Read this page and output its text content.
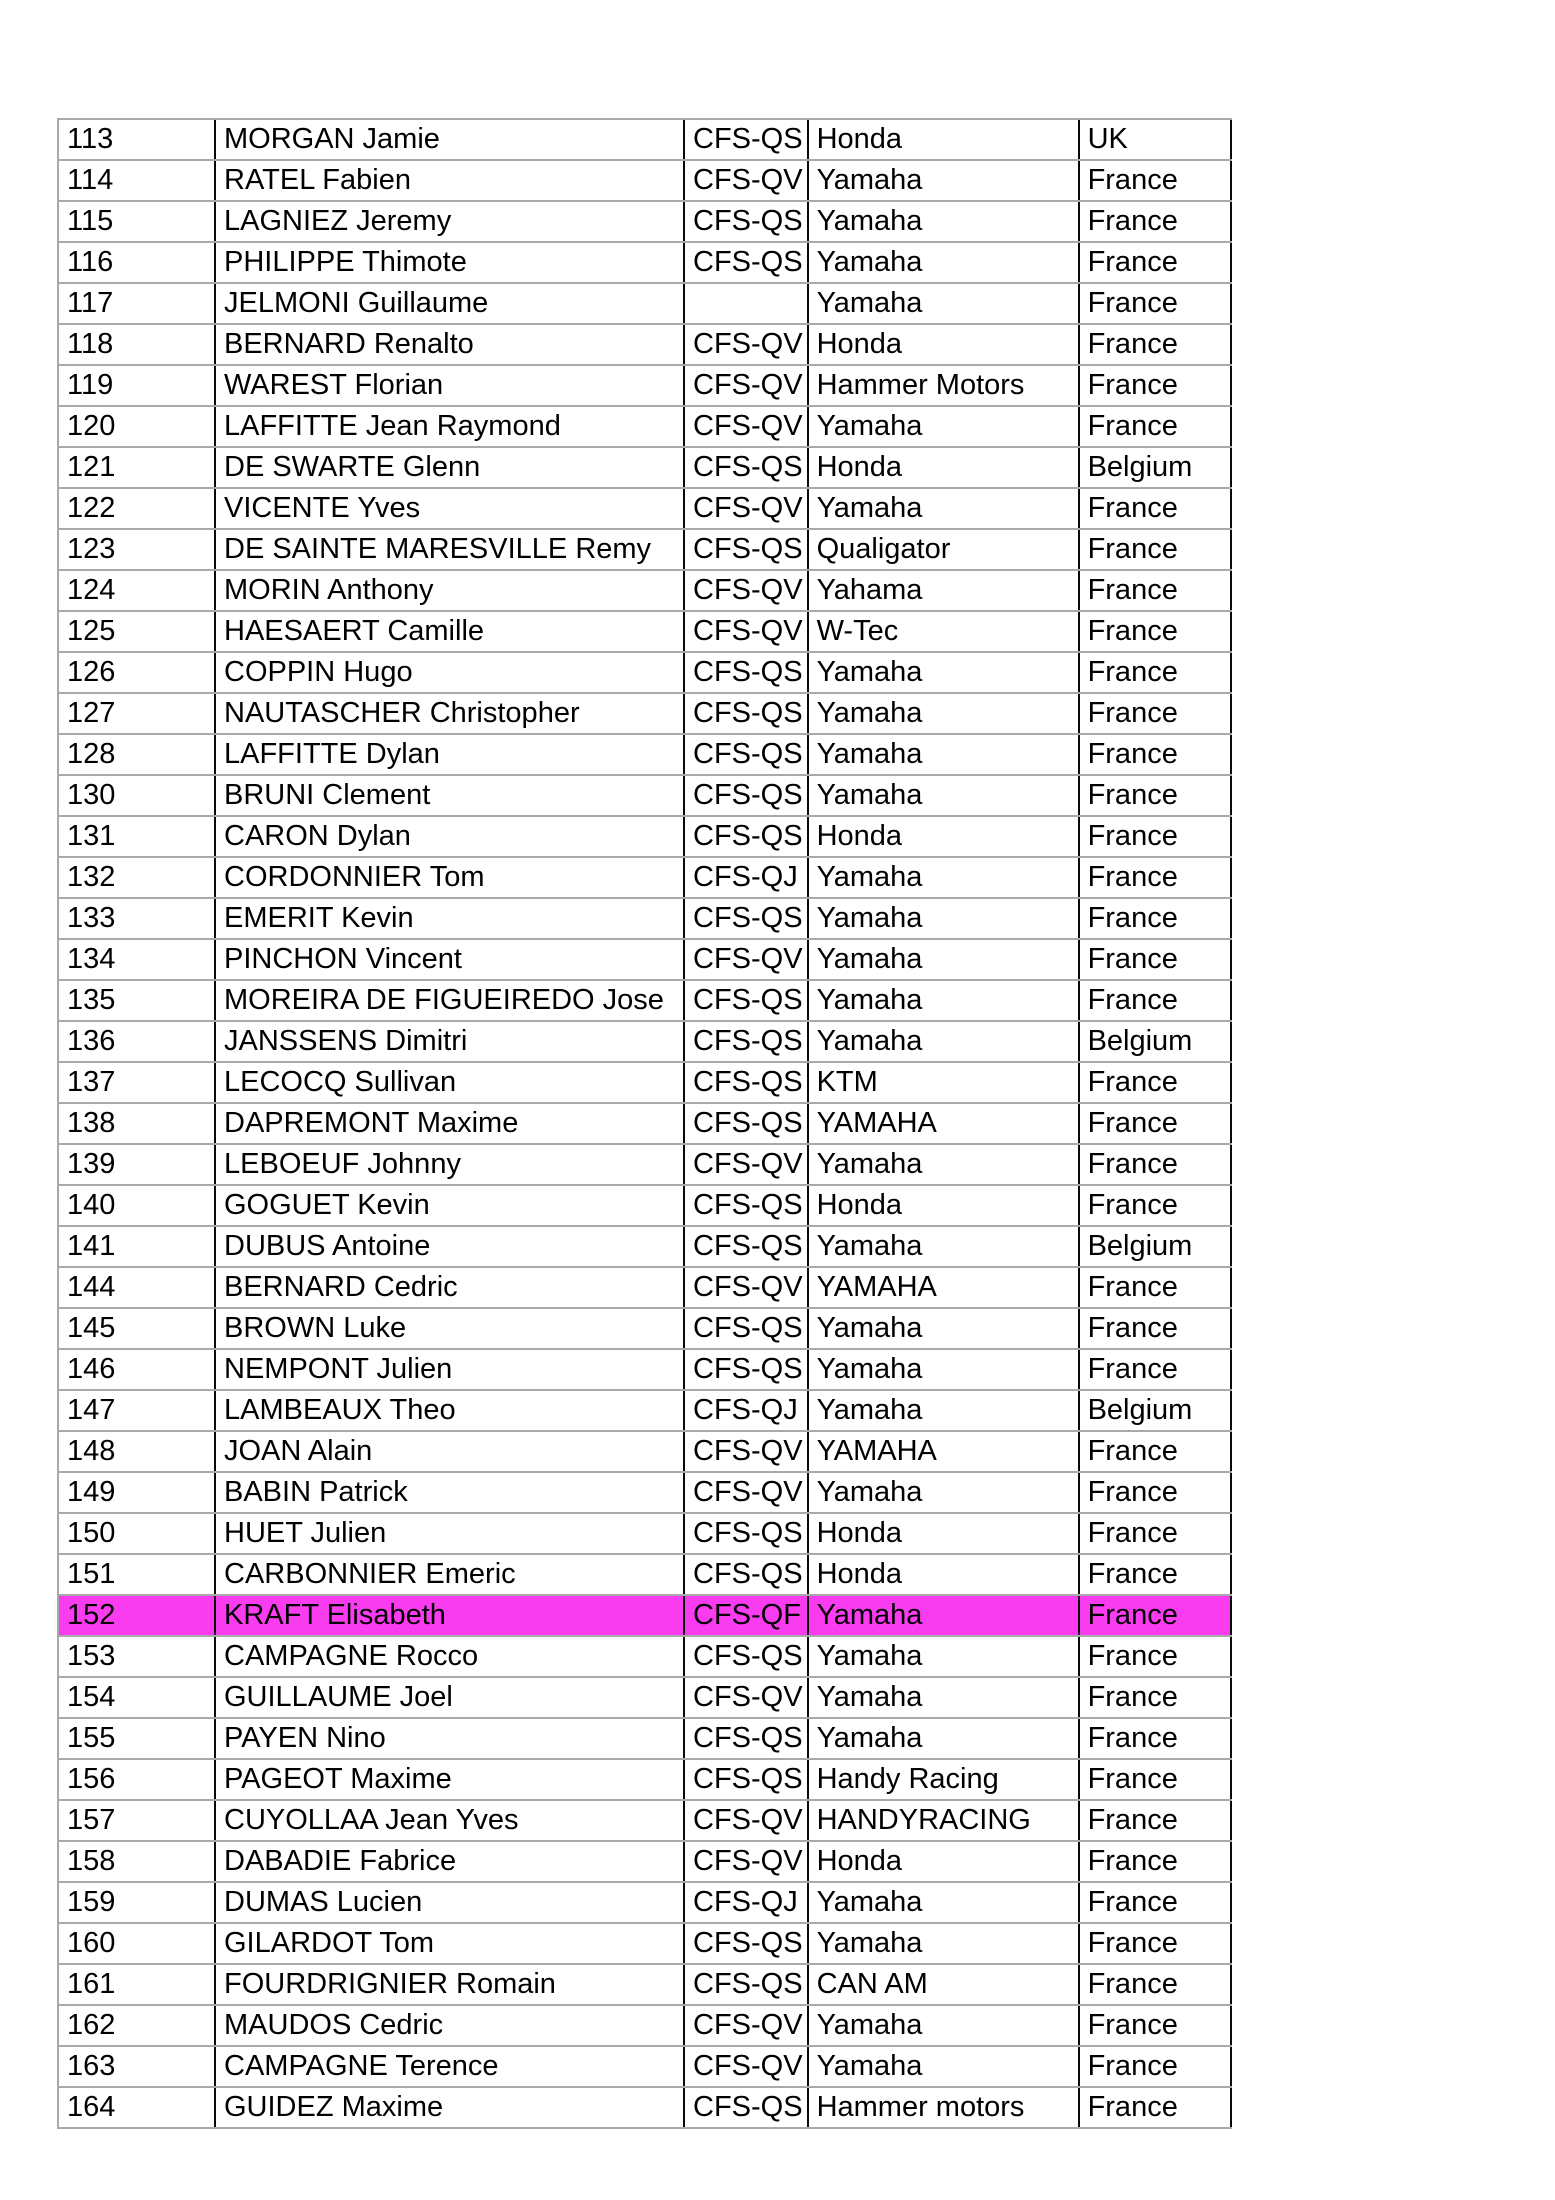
113	MORGAN Jamie	CFS-QS	Honda	UK
114	RATEL Fabien	CFS-QV	Yamaha	France
115	LAGNIEZ Jeremy	CFS-QS	Yamaha	France
116	PHILIPPE Thimote	CFS-QS	Yamaha	France
117	JELMONI Guillaume		Yamaha	France
118	BERNARD Renalto	CFS-QV	Honda	France
119	WAREST Florian	CFS-QV	Hammer Motors	France
120	LAFFITTE Jean Raymond	CFS-QV	Yamaha	France
121	DE SWARTE Glenn	CFS-QS	Honda	Belgium
122	VICENTE Yves	CFS-QV	Yamaha	France
123	DE SAINTE MARESVILLE Remy	CFS-QS	Qualigator	France
124	MORIN Anthony	CFS-QV	Yahama	France
125	HAESAERT Camille	CFS-QV	W-Tec	France
126	COPPIN Hugo	CFS-QS	Yamaha	France
127	NAUTASCHER Christopher	CFS-QS	Yamaha	France
128	LAFFITTE Dylan	CFS-QS	Yamaha	France
130	BRUNI Clement	CFS-QS	Yamaha	France
131	CARON Dylan	CFS-QS	Honda	France
132	CORDONNIER Tom	CFS-QJ	Yamaha	France
133	EMERIT Kevin	CFS-QS	Yamaha	France
134	PINCHON Vincent	CFS-QV	Yamaha	France
135	MOREIRA DE FIGUEIREDO Jose	CFS-QS	Yamaha	France
136	JANSSENS Dimitri	CFS-QS	Yamaha	Belgium
137	LECOCQ Sullivan	CFS-QS	KTM	France
138	DAPREMONT Maxime	CFS-QS	YAMAHA	France
139	LEBOEUF Johnny	CFS-QV	Yamaha	France
140	GOGUET Kevin	CFS-QS	Honda	France
141	DUBUS Antoine	CFS-QS	Yamaha	Belgium
144	BERNARD Cedric	CFS-QV	YAMAHA	France
145	BROWN Luke	CFS-QS	Yamaha	France
146	NEMPONT Julien	CFS-QS	Yamaha	France
147	LAMBEAUX Theo	CFS-QJ	Yamaha	Belgium
148	JOAN Alain	CFS-QV	YAMAHA	France
149	BABIN Patrick	CFS-QV	Yamaha	France
150	HUET Julien	CFS-QS	Honda	France
151	CARBONNIER Emeric	CFS-QS	Honda	France
152	KRAFT Elisabeth	CFS-QF	Yamaha	France
153	CAMPAGNE Rocco	CFS-QS	Yamaha	France
154	GUILLAUME Joel	CFS-QV	Yamaha	France
155	PAYEN Nino	CFS-QS	Yamaha	France
156	PAGEOT Maxime	CFS-QS	Handy Racing	France
157	CUYOLLAA Jean Yves	CFS-QV	HANDYRACING	France
158	DABADIE Fabrice	CFS-QV	Honda	France
159	DUMAS Lucien	CFS-QJ	Yamaha	France
160	GILARDOT Tom	CFS-QS	Yamaha	France
161	FOURDRIGNIER Romain	CFS-QS	CAN AM	France
162	MAUDOS Cedric	CFS-QV	Yamaha	France
163	CAMPAGNE Terence	CFS-QV	Yamaha	France
164	GUIDEZ Maxime	CFS-QS	Hammer motors	France
